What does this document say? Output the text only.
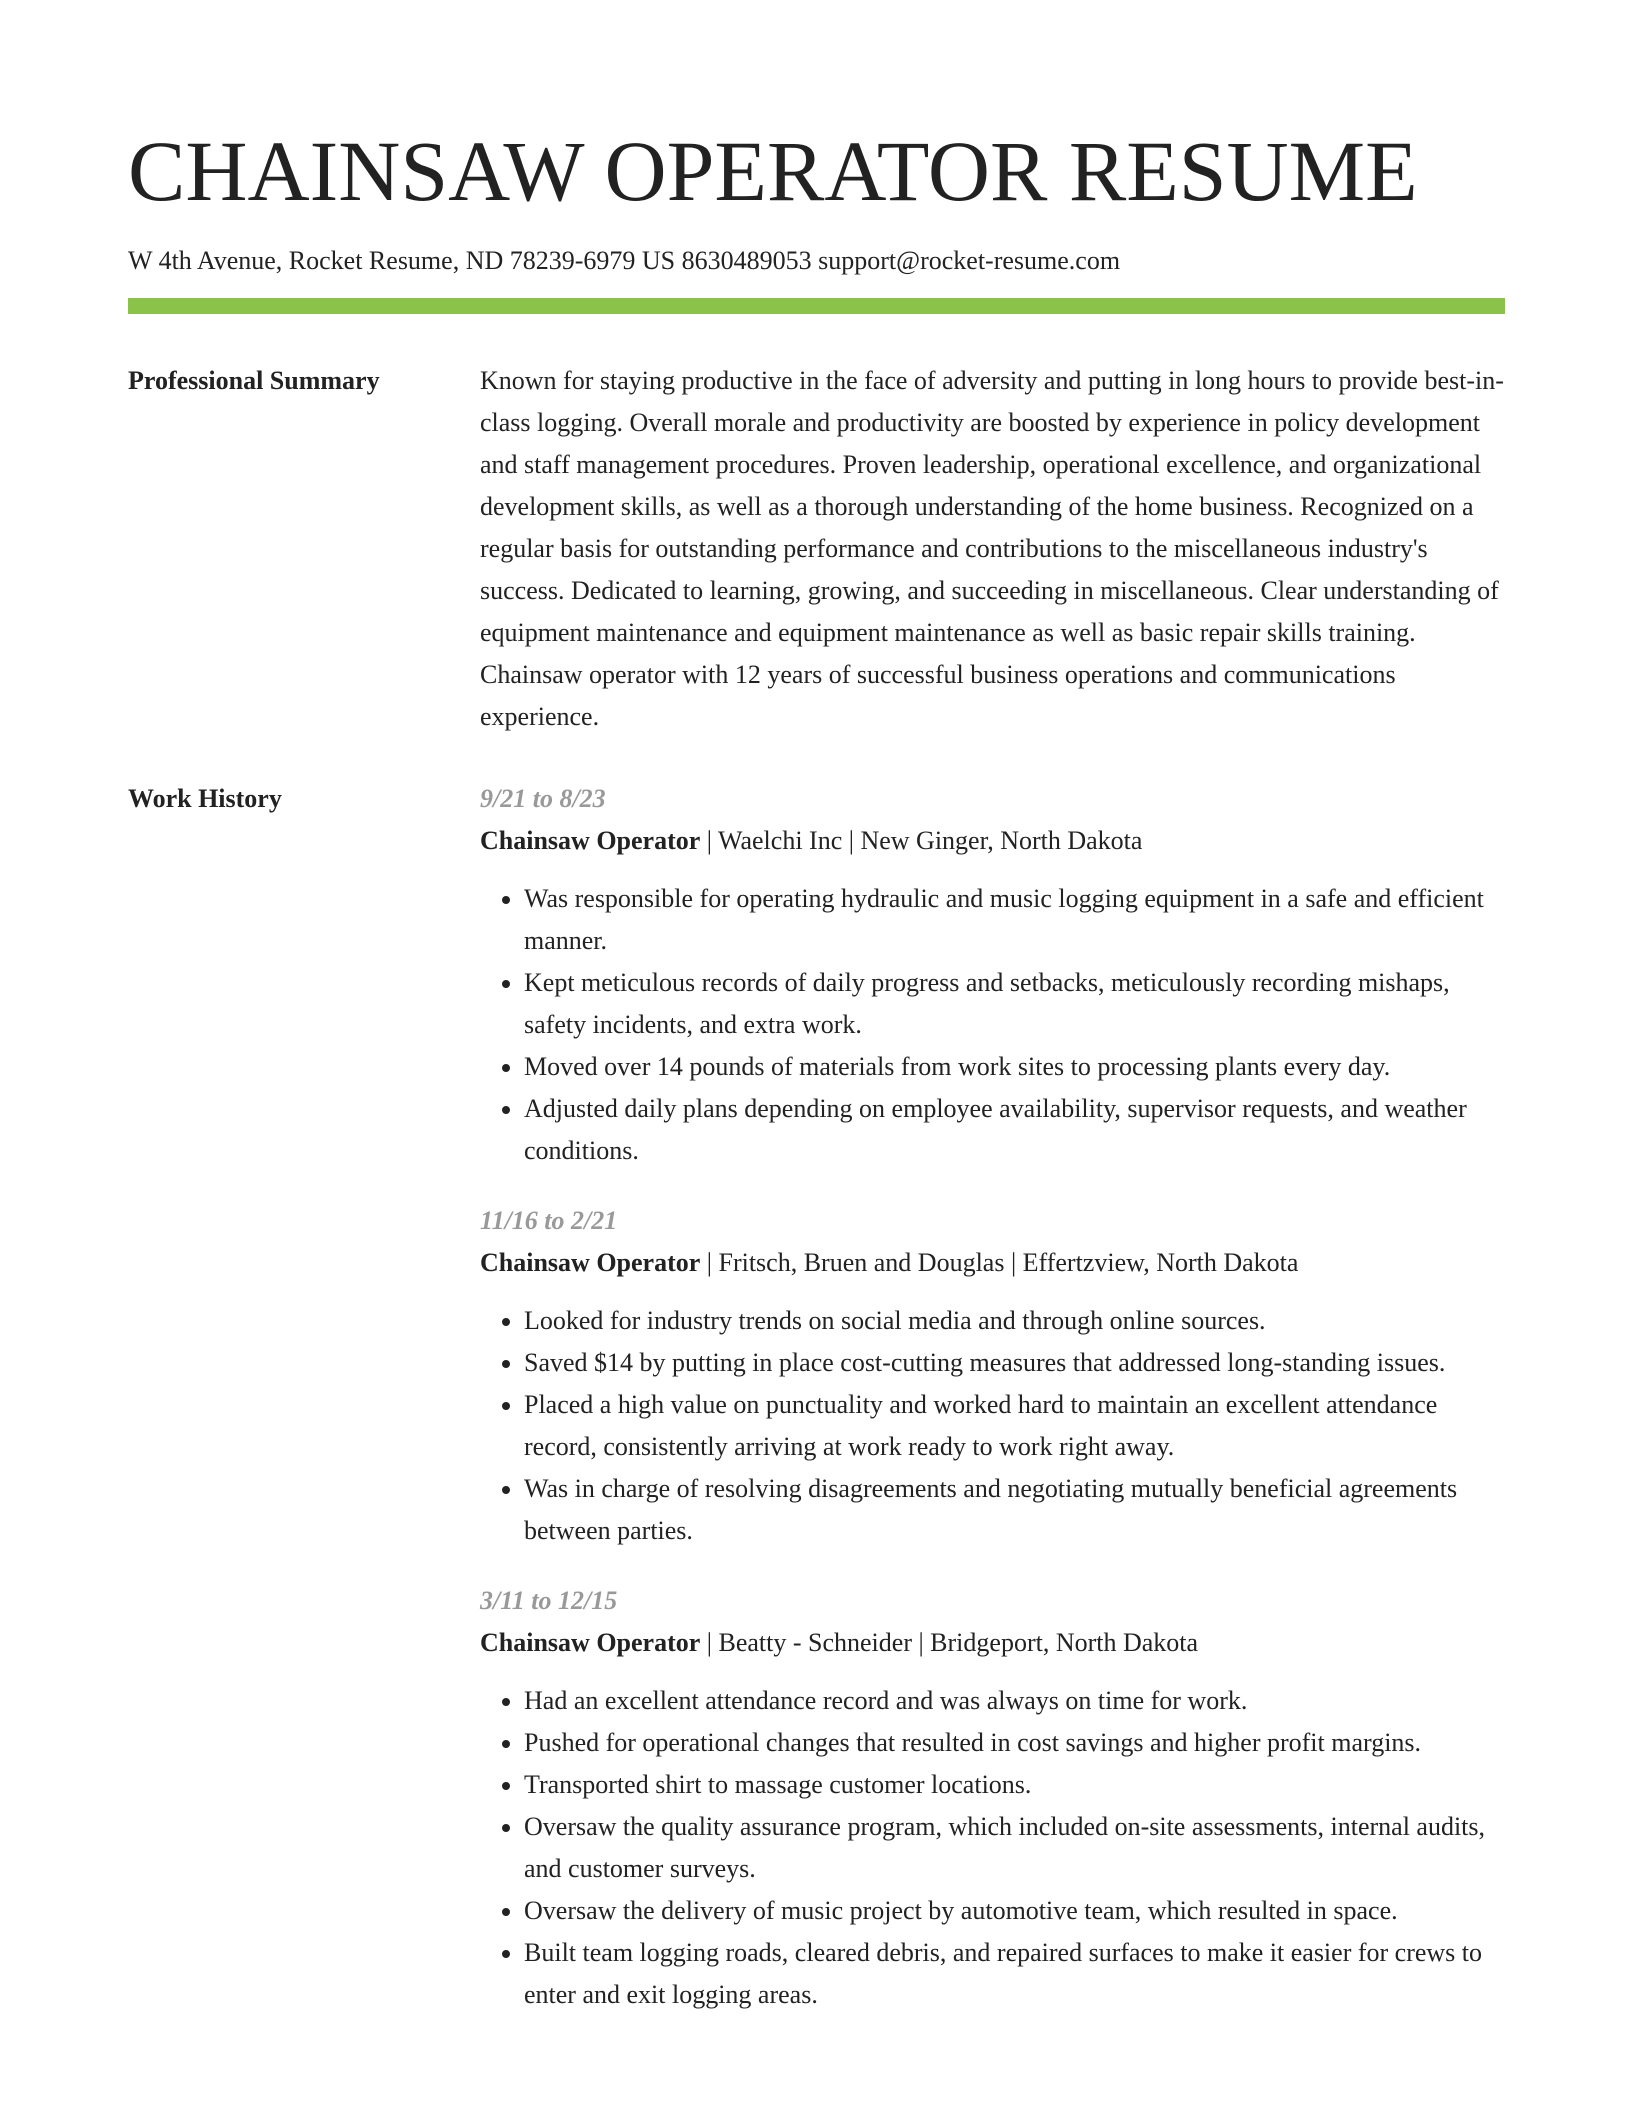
CHAINSAW OPERATOR RESUME
W 4th Avenue, Rocket Resume, ND 78239-6979 US 8630489053 support@rocket-resume.com
Professional Summary	Known for staying productive in the face of adversity and putting in long hours to provide best-in-class logging. Overall morale and productivity are boosted by experience in policy development and staff management procedures. Proven leadership, operational excellence, and organizational development skills, as well as a thorough understanding of the home business. Recognized on a regular basis for outstanding performance and contributions to the miscellaneous industry's success. Dedicated to learning, growing, and succeeding in miscellaneous. Clear understanding of equipment maintenance and equipment maintenance as well as basic repair skills training. Chainsaw operator with 12 years of successful business operations and communications experience.

Work History	9/21 to 8/23
Chainsaw Operator | Waelchi Inc | New Ginger, North Dakota
• Was responsible for operating hydraulic and music logging equipment in a safe and efficient manner.
• Kept meticulous records of daily progress and setbacks, meticulously recording mishaps, safety incidents, and extra work.
• Moved over 14 pounds of materials from work sites to processing plants every day.
• Adjusted daily plans depending on employee availability, supervisor requests, and weather conditions.
11/16 to 2/21
Chainsaw Operator | Fritsch, Bruen and Douglas | Effertzview, North Dakota
• Looked for industry trends on social media and through online sources.
• Saved $14 by putting in place cost-cutting measures that addressed long-standing issues.
• Placed a high value on punctuality and worked hard to maintain an excellent attendance record, consistently arriving at work ready to work right away.
• Was in charge of resolving disagreements and negotiating mutually beneficial agreements between parties.
3/11 to 12/15
Chainsaw Operator | Beatty - Schneider | Bridgeport, North Dakota
• Had an excellent attendance record and was always on time for work.
• Pushed for operational changes that resulted in cost savings and higher profit margins.
• Transported shirt to massage customer locations.
• Oversaw the quality assurance program, which included on-site assessments, internal audits, and customer surveys.
• Oversaw the delivery of music project by automotive team, which resulted in space.
• Built team logging roads, cleared debris, and repaired surfaces to make it easier for crews to enter and exit logging areas.
